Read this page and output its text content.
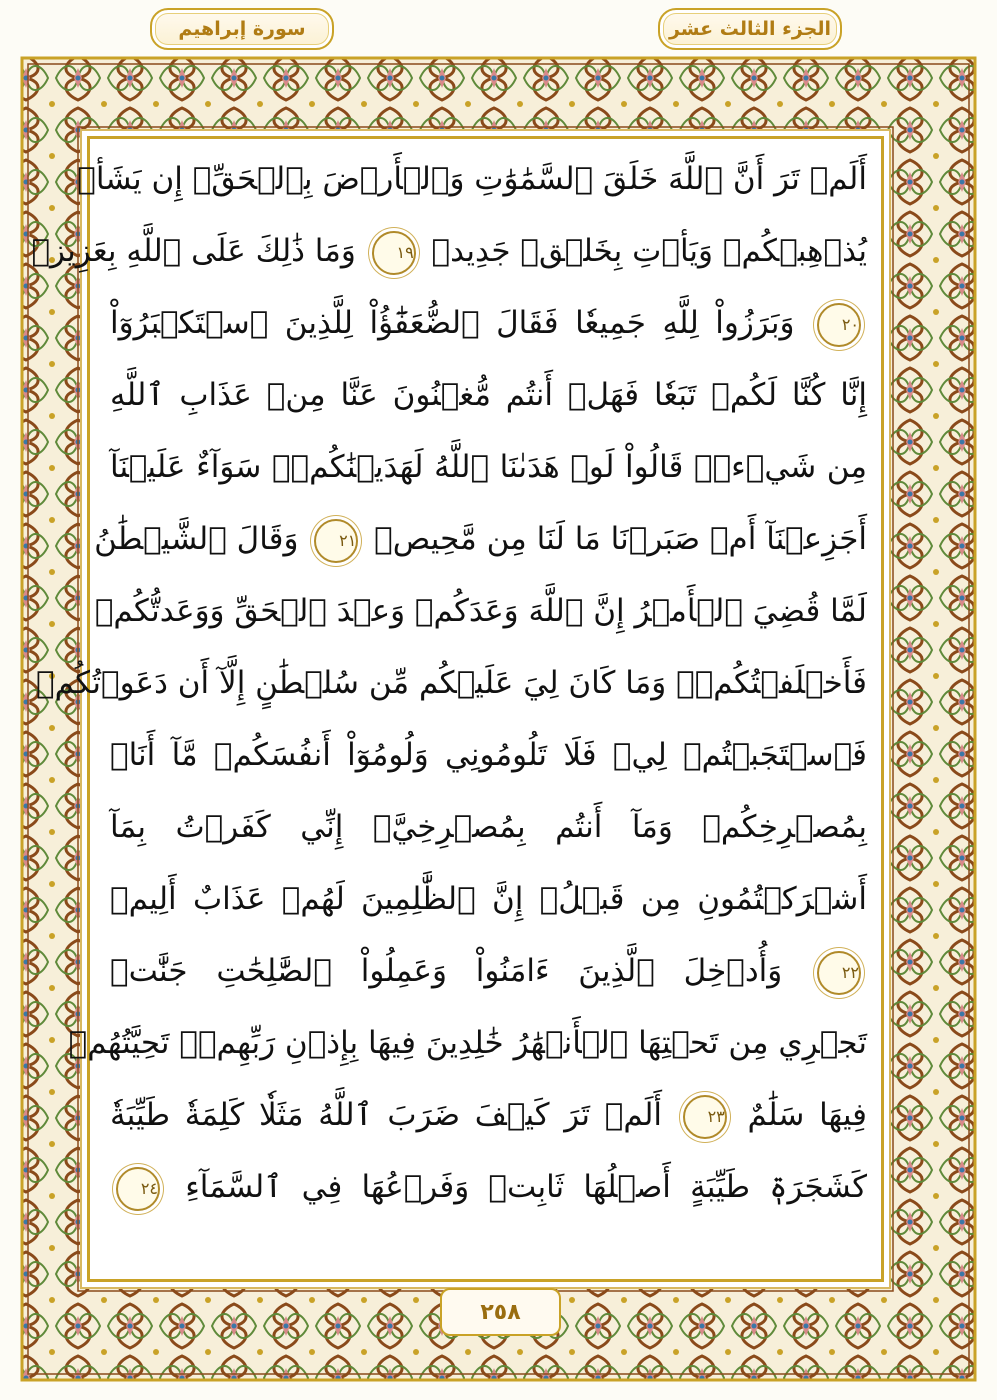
سورة إبراهيم	الجزء الثالث عشر
أَلَمۡ تَرَ أَنَّ ٱللَّهَ خَلَقَ ٱلسَّمَٰوَٰتِ وَٱلۡأَرۡضَ بِٱلۡحَقِّۚ إِن يَشَأۡ
يُذۡهِبۡكُمۡ وَيَأۡتِ بِخَلۡقٖ جَدِيدٖ ١٩ وَمَا ذَٰلِكَ عَلَى ٱللَّهِ بِعَزِيزٖ
٢٠ وَبَرَزُواْ لِلَّهِ جَمِيعٗا فَقَالَ ٱلضُّعَفَٰٓؤُاْ لِلَّذِينَ ٱسۡتَكۡبَرُوٓاْ
إِنَّا كُنَّا لَكُمۡ تَبَعٗا فَهَلۡ أَنتُم مُّغۡنُونَ عَنَّا مِنۡ عَذَابِ ٱللَّهِ
مِن شَيۡءٖۚ قَالُواْ لَوۡ هَدَىٰنَا ٱللَّهُ لَهَدَيۡنَٰكُمۡۖ سَوَآءٌ عَلَيۡنَآ
أَجَزِعۡنَآ أَمۡ صَبَرۡنَا مَا لَنَا مِن مَّحِيصٖ ٢١ وَقَالَ ٱلشَّيۡطَٰنُ
لَمَّا قُضِيَ ٱلۡأَمۡرُ إِنَّ ٱللَّهَ وَعَدَكُمۡ وَعۡدَ ٱلۡحَقِّ وَوَعَدتُّكُمۡ
فَأَخۡلَفۡتُكُمۡۖ وَمَا كَانَ لِيَ عَلَيۡكُم مِّن سُلۡطَٰنٍ إِلَّآ أَن دَعَوۡتُكُمۡ
فَٱسۡتَجَبۡتُمۡ لِيۖ فَلَا تَلُومُونِي وَلُومُوٓاْ أَنفُسَكُمۖ مَّآ أَنَا۠
بِمُصۡرِخِكُمۡ وَمَآ أَنتُم بِمُصۡرِخِيَّۖ إِنِّي كَفَرۡتُ بِمَآ
أَشۡرَكۡتُمُونِ مِن قَبۡلُۗ إِنَّ ٱلظَّٰلِمِينَ لَهُمۡ عَذَابٌ أَلِيمٞ
٢٢ وَأُدۡخِلَ ٱلَّذِينَ ءَامَنُواْ وَعَمِلُواْ ٱلصَّٰلِحَٰتِ جَنَّٰتٖ
تَجۡرِي مِن تَحۡتِهَا ٱلۡأَنۡهَٰرُ خَٰلِدِينَ فِيهَا بِإِذۡنِ رَبِّهِمۡۖ تَحِيَّتُهُمۡ
فِيهَا سَلَٰمٌ ٢٣ أَلَمۡ تَرَ كَيۡفَ ضَرَبَ ٱللَّهُ مَثَلٗا كَلِمَةٗ طَيِّبَةٗ
كَشَجَرَةٖ طَيِّبَةٍ أَصۡلُهَا ثَابِتٞ وَفَرۡعُهَا فِي ٱلسَّمَآءِ ٢٤
٢٥٨
